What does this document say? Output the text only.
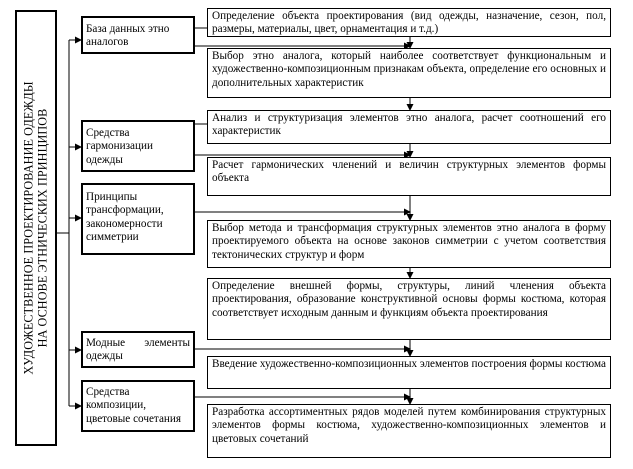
ХУДОЖЕСТВЕННОЕ ПРОЕКТИРОВАНИЕ ОДЕЖДЫ НА ОСНОВЕ ЭТНИЧЕСКИХ ПРИНЦИПОВ
База данных этно аналогов
Средства гармонизации одежды
Принципы трансформации, закономерности симметрии
Модные элементы одежды
Средства композиции, цветовые сочетания
Определение объекта проектирования (вид одежды, назначение, сезон, пол, размеры, материалы, цвет, орнаментация и т.д.)
Выбор этно аналога, который наиболее соответствует функциональным и художественно-композиционным признакам объекта, определение его основных и дополнительных характеристик
Анализ и структуризация элементов этно аналога, расчет соотношений его характеристик
Расчет гармонических членений и величин структурных элементов формы объекта
Выбор метода и трансформация структурных элементов этно аналога в форму проектируемого объекта на основе законов симметрии с учетом соответствия тектонических структур и форм
Определение внешней формы, структуры, линий членения объекта проектирования, образование конструктивной основы формы костюма, которая соответствует исходным данным и функциям объекта проектирования
Введение художественно-композиционных элементов построения формы костюма
Разработка ассортиментных рядов моделей путем комбинирования структурных элементов формы костюма, художественно-композиционных элементов и цветовых сочетаний
